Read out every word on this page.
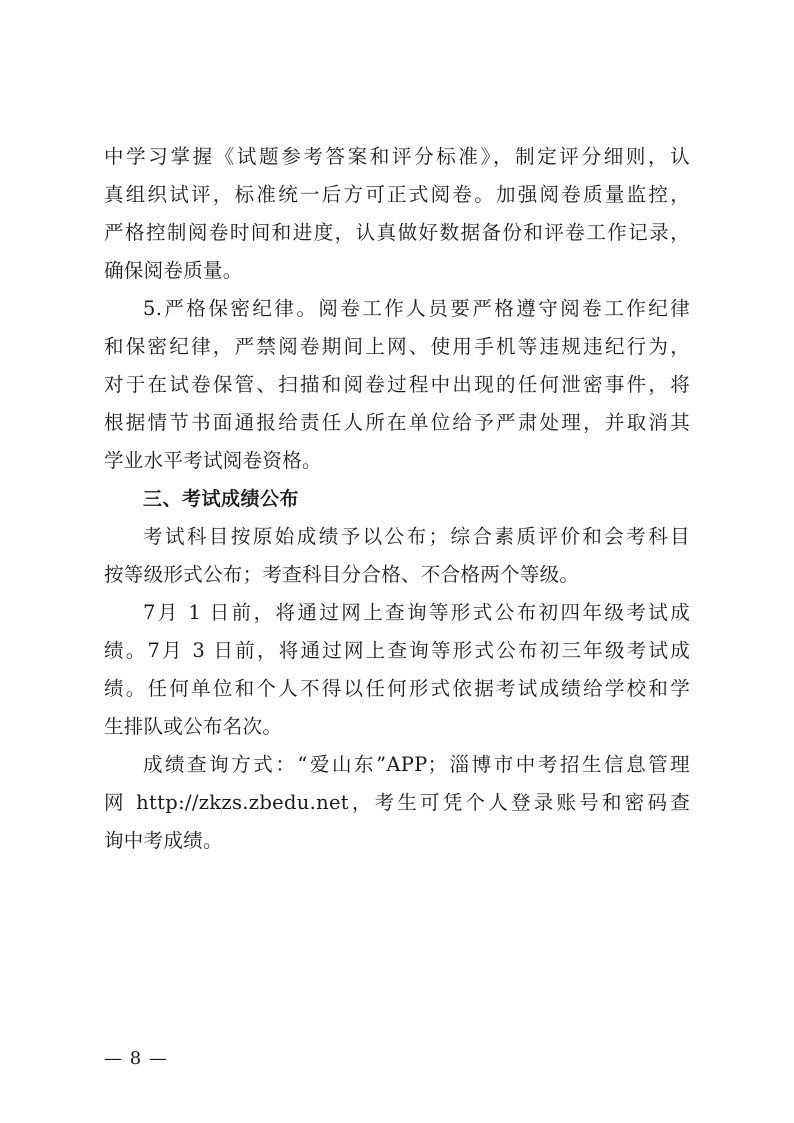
中学习掌握《试题参考答案和评分标准》，制定评分细则，认
真组织试评，标准统一后方可正式阅卷。加强阅卷质量监控，
严格控制阅卷时间和进度，认真做好数据备份和评卷工作记录，
确保阅卷质量。
5.严格保密纪律。阅卷工作人员要严格遵守阅卷工作纪律
和保密纪律，严禁阅卷期间上网、使用手机等违规违纪行为，
对于在试卷保管、扫描和阅卷过程中出现的任何泄密事件，将
根据情节书面通报给责任人所在单位给予严肃处理，并取消其
学业水平考试阅卷资格。
三、考试成绩公布
考试科目按原始成绩予以公布；综合素质评价和会考科目
按等级形式公布；考查科目分合格、不合格两个等级。
7月 1 日前，将通过网上查询等形式公布初四年级考试成
绩。7月 3 日前，将通过网上查询等形式公布初三年级考试成
绩。任何单位和个人不得以任何形式依据考试成绩给学校和学
生排队或公布名次。
成绩查询方式：“爱山东”APP；淄博市中考招生信息管理
网 http://zkzs.zbedu.net，考生可凭个人登录账号和密码查
询中考成绩。
— 8 —
